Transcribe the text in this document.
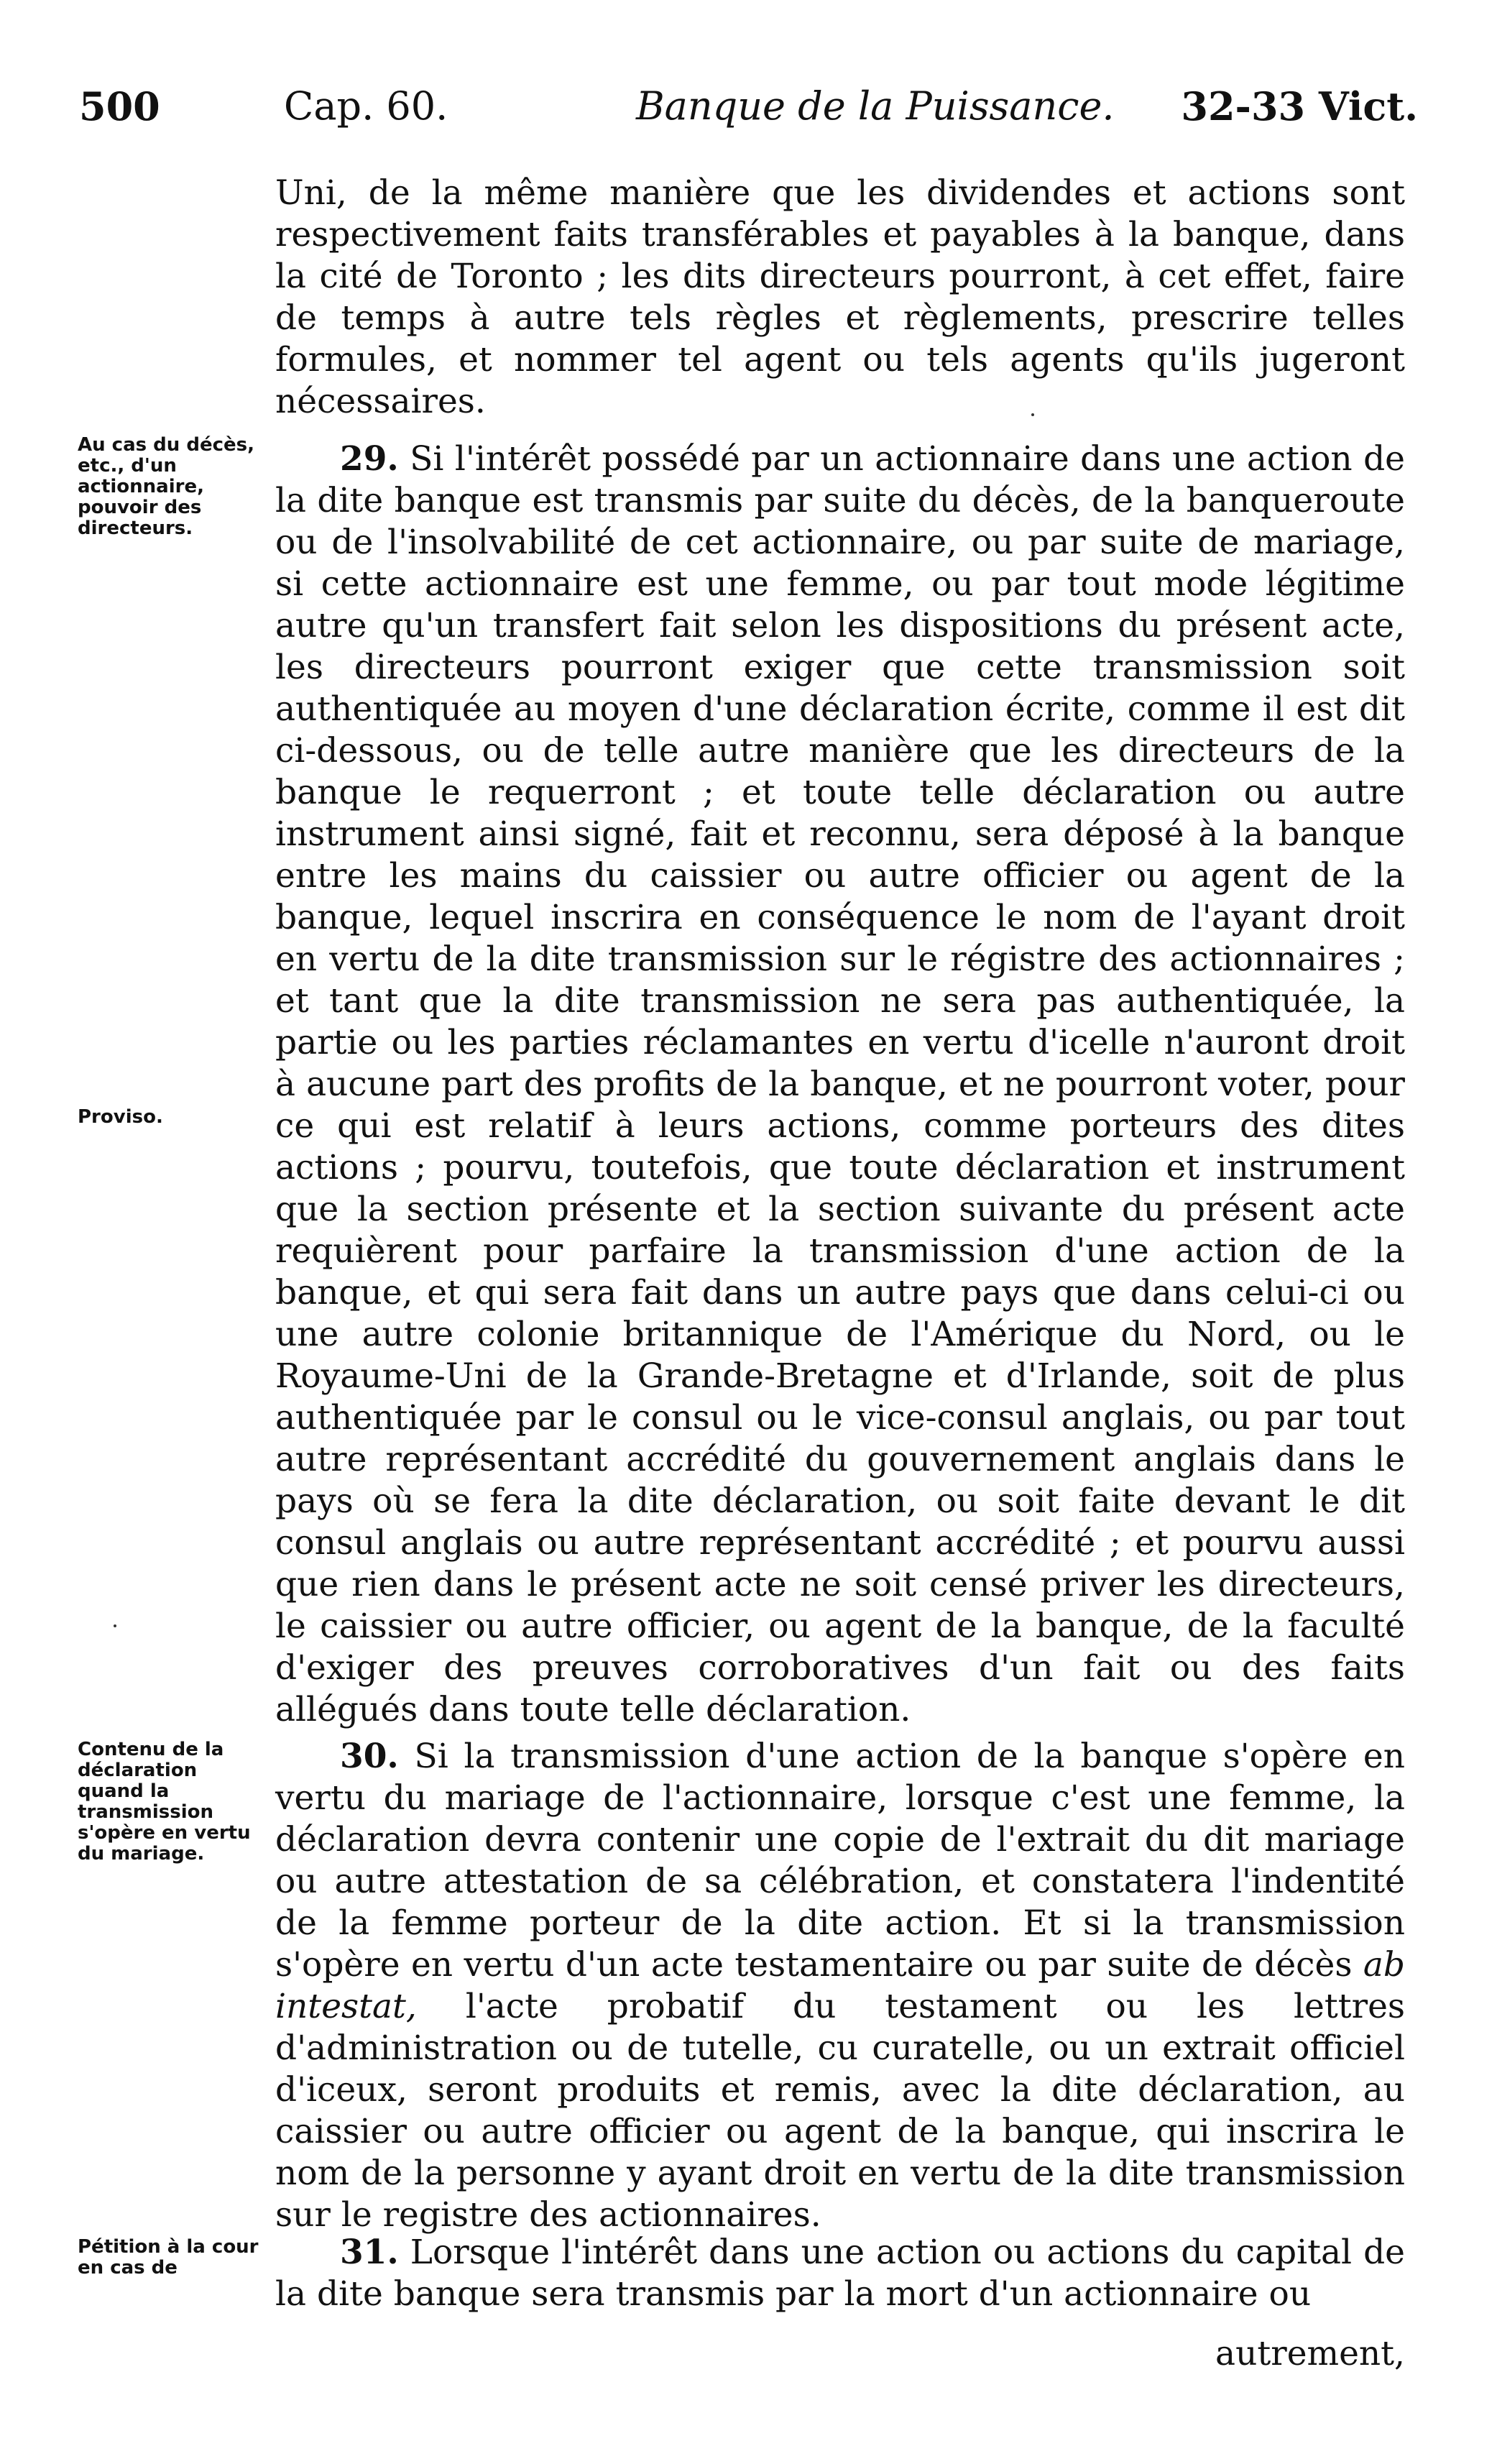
500	Cap. 60.	Banque de la Puissance. 32-33 Vict.
Uni, de la même manière que les dividendes et actions sont respectivement faits transférables et payables à la banque, dans la cité de Toronto ; les dits directeurs pourront, à cet effet, faire de temps à autre tels règles et règlements, prescrire telles formules, et nommer tel agent ou tels agents qu'ils jugeront nécessaires.
Au cas du décès, etc., d'un actionnaire, pouvoir des directeurs.
29. Si l'intérêt possédé par un actionnaire dans une action de la dite banque est transmis par suite du décès, de la banqueroute ou de l'insolvabilité de cet actionnaire, ou par suite de mariage, si cette actionnaire est une femme, ou par tout mode légitime autre qu'un transfert fait selon les dispositions du présent acte, les directeurs pourront exiger que cette transmission soit authentiquée au moyen d'une déclaration écrite, comme il est dit ci-dessous, ou de telle autre manière que les directeurs de la banque le requerront ; et toute telle déclaration ou autre instrument ainsi signé, fait et reconnu, sera déposé à la banque entre les mains du caissier ou autre officier ou agent de la banque, lequel inscrira en conséquence le nom de l'ayant droit en vertu de la dite transmission sur le régistre des actionnaires ; et tant que la dite transmission ne sera pas authentiquée, la partie ou les parties réclamantes en vertu d'icelle n'auront droit à aucune part des profits de la banque, et ne pourront voter, pour ce qui est relatif à leurs actions, comme porteurs des dites actions ; pourvu, toutefois, que toute déclaration et instrument que la section présente et la section suivante du présent acte requièrent pour parfaire la transmission d'une action de la banque, et qui sera fait dans un autre pays que dans celui-ci ou une autre colonie britannique de l'Amérique du Nord, ou le Royaume-Uni de la Grande-Bretagne et d'Irlande, soit de plus authentiquée par le consul ou le vice-consul anglais, ou par tout autre représentant accrédité du gouvernement anglais dans le pays où se fera la dite déclaration, ou soit faite devant le dit consul anglais ou autre représentant accrédité ; et pourvu aussi que rien dans le présent acte ne soit censé priver les directeurs, le caissier ou autre officier, ou agent de la banque, de la faculté d'exiger des preuves corroboratives d'un fait ou des faits allégués dans toute telle déclaration.
Proviso.
Contenu de la déclaration quand la transmission s'opère en vertu du mariage.
30. Si la transmission d'une action de la banque s'opère en vertu du mariage de l'actionnaire, lorsque c'est une femme, la déclaration devra contenir une copie de l'extrait du dit mariage ou autre attestation de sa célébration, et constatera l'indentité de la femme porteur de la dite action. Et si la transmission s'opère en vertu d'un acte testamentaire ou par suite de décès ab intestat, l'acte probatif du testament ou les lettres d'administration ou de tutelle, cu curatelle, ou un extrait officiel d'iceux, seront produits et remis, avec la dite déclaration, au caissier ou autre officier ou agent de la banque, qui inscrira le nom de la personne y ayant droit en vertu de la dite transmission sur le registre des actionnaires.
Pétition à la cour en cas de	31. Lorsque l'intérêt dans une action ou actions du capital de la dite banque sera transmis par la mort d'un actionnaire ou
autrement,
